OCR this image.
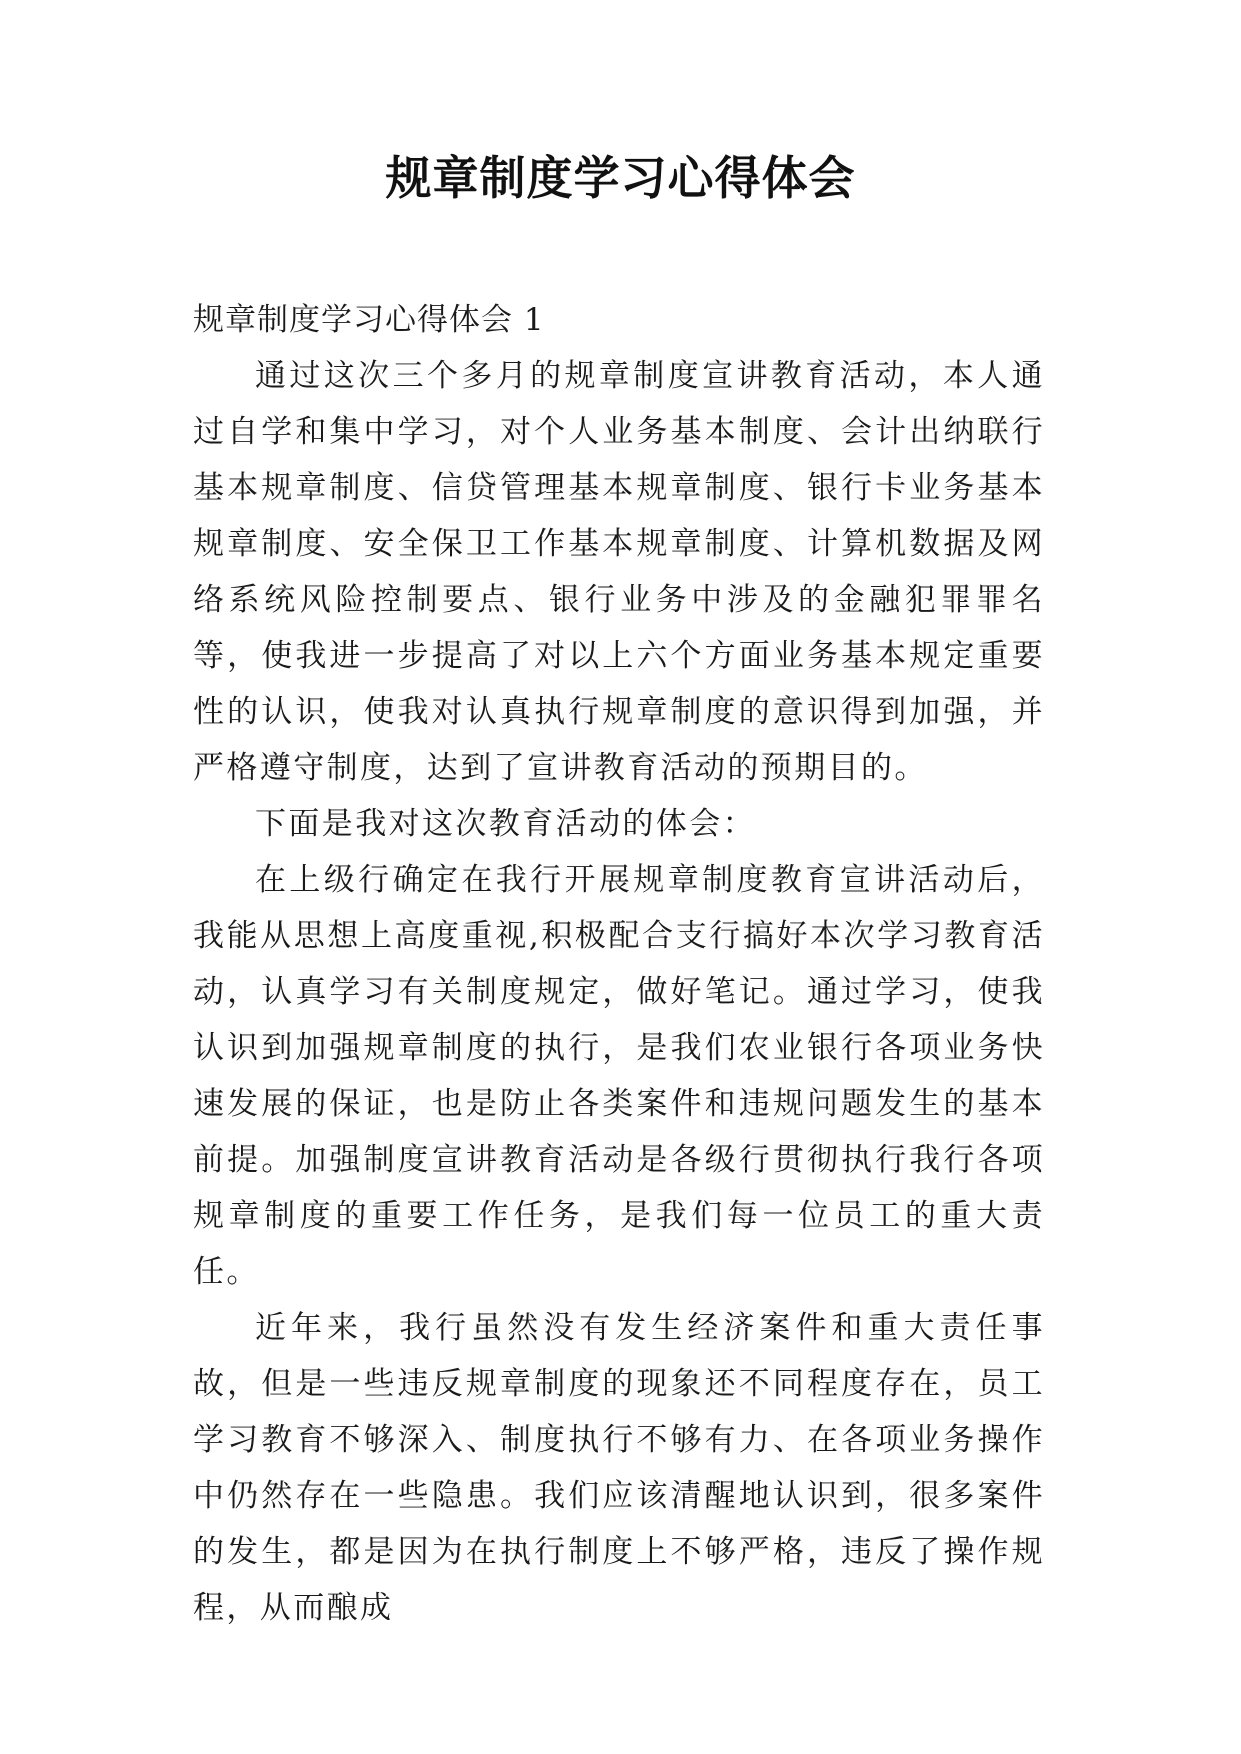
规章制度学习心得体会

规章制度学习心得体会 1

通过这次三个多月的规章制度宣讲教育活动，本人通过自学和集中学习，对个人业务基本制度、会计出纳联行基本规章制度、信贷管理基本规章制度、银行卡业务基本规章制度、安全保卫工作基本规章制度、计算机数据及网络系统风险控制要点、银行业务中涉及的金融犯罪罪名等，使我进一步提高了对以上六个方面业务基本规定重要性的认识，使我对认真执行规章制度的意识得到加强，并严格遵守制度，达到了宣讲教育活动的预期目的。

下面是我对这次教育活动的体会：

在上级行确定在我行开展规章制度教育宣讲活动后，我能从思想上高度重视,积极配合支行搞好本次学习教育活动，认真学习有关制度规定，做好笔记。通过学习，使我认识到加强规章制度的执行，是我们农业银行各项业务快速发展的保证，也是防止各类案件和违规问题发生的基本前提。加强制度宣讲教育活动是各级行贯彻执行我行各项规章制度的重要工作任务，是我们每一位员工的重大责任。

近年来，我行虽然没有发生经济案件和重大责任事故，但是一些违反规章制度的现象还不同程度存在，员工学习教育不够深入、制度执行不够有力、在各项业务操作中仍然存在一些隐患。我们应该清醒地认识到，很多案件的发生，都是因为在执行制度上不够严格，违反了操作规程，从而酿成
